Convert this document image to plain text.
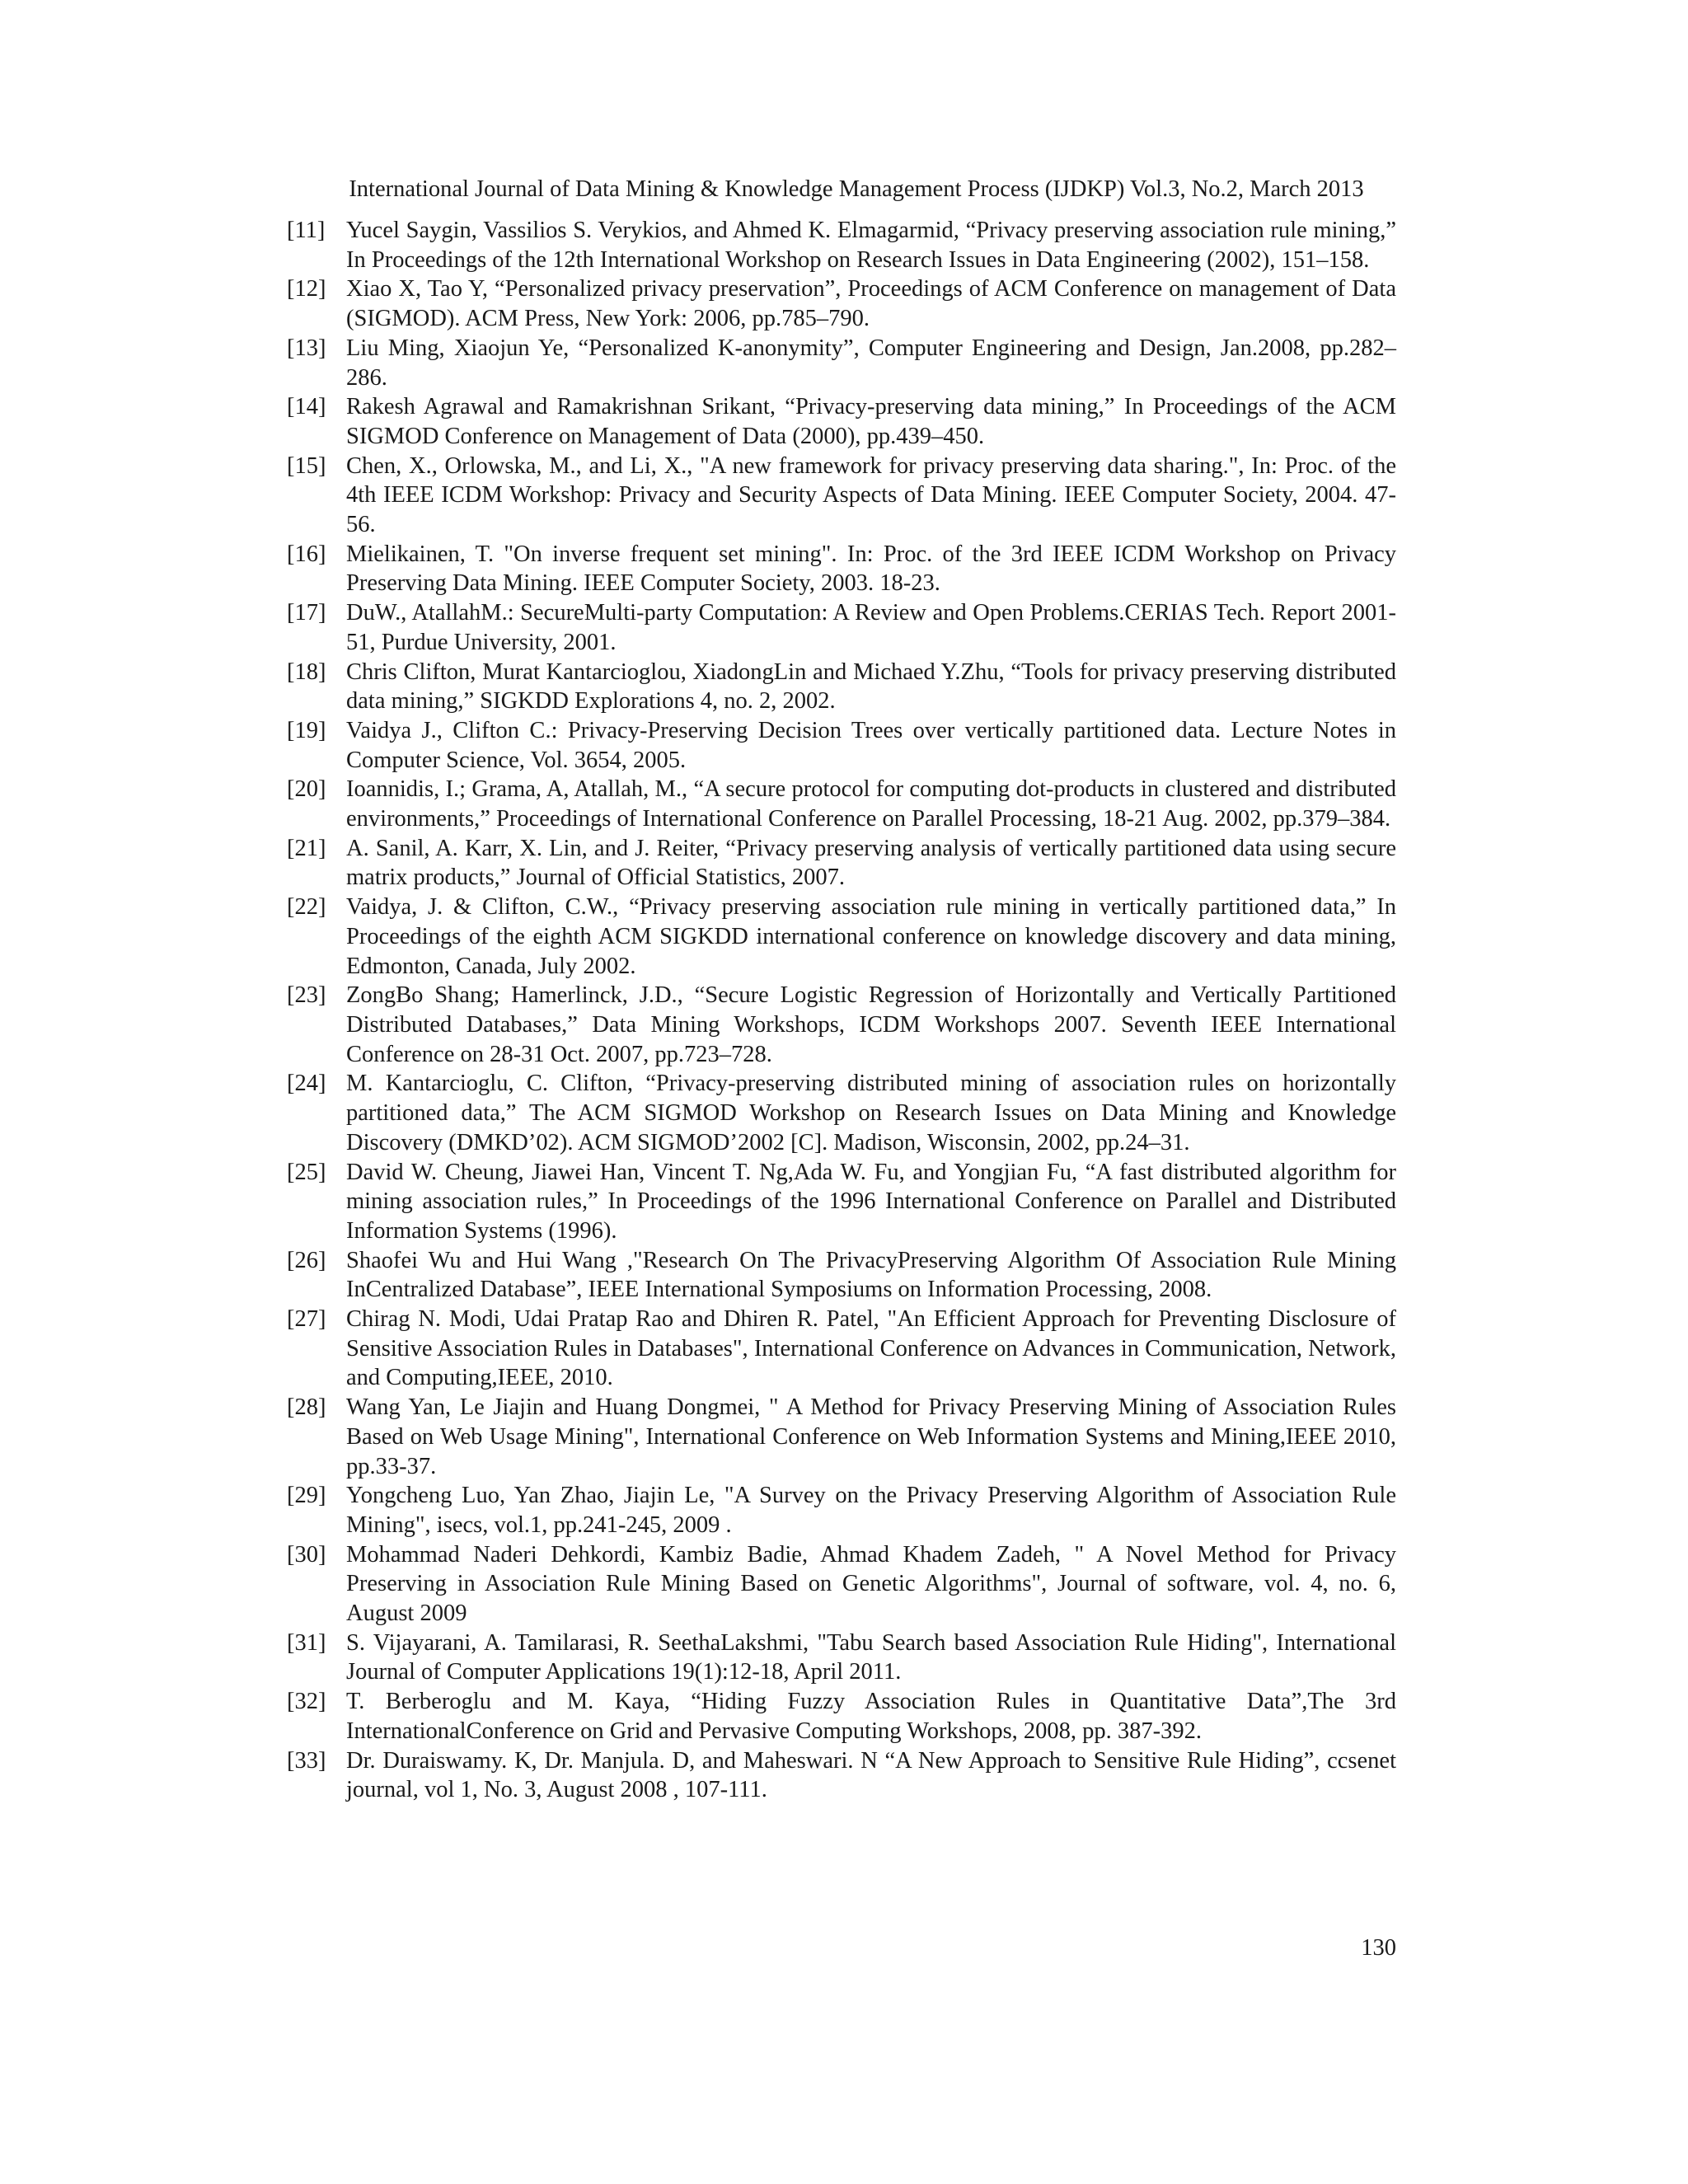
International Journal of Data Mining & Knowledge Management Process (IJDKP) Vol.3, No.2, March 2013
[11] Yucel Saygin, Vassilios S. Verykios, and Ahmed K. Elmagarmid, “Privacy preserving association rule mining,” In Proceedings of the 12th International Workshop on Research Issues in Data Engineering (2002), 151–158.
[12] Xiao X, Tao Y, “Personalized privacy preservation”, Proceedings of ACM Conference on management of Data (SIGMOD). ACM Press, New York: 2006, pp.785–790.
[13] Liu Ming, Xiaojun Ye, “Personalized K-anonymity”, Computer Engineering and Design, Jan.2008, pp.282–286.
[14] Rakesh Agrawal and Ramakrishnan Srikant, “Privacy-preserving data mining,” In Proceedings of the ACM SIGMOD Conference on Management of Data (2000), pp.439–450.
[15] Chen, X., Orlowska, M., and Li, X., "A new framework for privacy preserving data sharing.", In: Proc. of the 4th IEEE ICDM Workshop: Privacy and Security Aspects of Data Mining. IEEE Computer Society, 2004. 47-56.
[16] Mielikainen, T. "On inverse frequent set mining". In: Proc. of the 3rd IEEE ICDM Workshop on Privacy Preserving Data Mining. IEEE Computer Society, 2003. 18-23.
[17] DuW., AtallahM.: SecureMulti-party Computation: A Review and Open Problems.CERIAS Tech. Report 2001-51, Purdue University, 2001.
[18] Chris Clifton, Murat Kantarcioglou, XiadongLin and Michaed Y.Zhu, “Tools for privacy preserving distributed data mining,” SIGKDD Explorations 4, no. 2, 2002.
[19] Vaidya J., Clifton C.: Privacy-Preserving Decision Trees over vertically partitioned data. Lecture Notes in Computer Science, Vol. 3654, 2005.
[20] Ioannidis, I.; Grama, A, Atallah, M., “A secure protocol for computing dot-products in clustered and distributed environments,” Proceedings of International Conference on Parallel Processing, 18-21 Aug. 2002, pp.379–384.
[21] A. Sanil, A. Karr, X. Lin, and J. Reiter, “Privacy preserving analysis of vertically partitioned data using secure matrix products,” Journal of Official Statistics, 2007.
[22] Vaidya, J. & Clifton, C.W., “Privacy preserving association rule mining in vertically partitioned data,” In Proceedings of the eighth ACM SIGKDD international conference on knowledge discovery and data mining, Edmonton, Canada, July 2002.
[23] ZongBo Shang; Hamerlinck, J.D., “Secure Logistic Regression of Horizontally and Vertically Partitioned Distributed Databases,” Data Mining Workshops, ICDM Workshops 2007. Seventh IEEE International Conference on 28-31 Oct. 2007, pp.723–728.
[24] M. Kantarcioglu, C. Clifton, “Privacy-preserving distributed mining of association rules on horizontally partitioned data,” The ACM SIGMOD Workshop on Research Issues on Data Mining and Knowledge Discovery (DMKD’02). ACM SIGMOD’2002 [C]. Madison, Wisconsin, 2002, pp.24–31.
[25] David W. Cheung, Jiawei Han, Vincent T. Ng,Ada W. Fu, and Yongjian Fu, “A fast distributed algorithm for mining association rules,” In Proceedings of the 1996 International Conference on Parallel and Distributed Information Systems (1996).
[26] Shaofei Wu and Hui Wang ,"Research On The PrivacyPreserving Algorithm Of Association Rule Mining InCentralized Database”, IEEE International Symposiums on Information Processing, 2008.
[27] Chirag N. Modi, Udai Pratap Rao and Dhiren R. Patel, "An Efficient Approach for Preventing Disclosure of Sensitive Association Rules in Databases", International Conference on Advances in Communication, Network, and Computing,IEEE, 2010.
[28] Wang Yan, Le Jiajin and Huang Dongmei, " A Method for Privacy Preserving Mining of Association Rules Based on Web Usage Mining", International Conference on Web Information Systems and Mining,IEEE 2010, pp.33-37.
[29] Yongcheng Luo, Yan Zhao, Jiajin Le, "A Survey on the Privacy Preserving Algorithm of Association Rule Mining", isecs, vol.1, pp.241-245, 2009 .
[30] Mohammad Naderi Dehkordi, Kambiz Badie, Ahmad Khadem Zadeh, " A Novel Method for Privacy Preserving in Association Rule Mining Based on Genetic Algorithms", Journal of software, vol. 4, no. 6, August 2009
[31] S. Vijayarani, A. Tamilarasi, R. SeethaLakshmi, "Tabu Search based Association Rule Hiding", International Journal of Computer Applications 19(1):12-18, April 2011.
[32] T. Berberoglu and M. Kaya, “Hiding Fuzzy Association Rules in Quantitative Data”,The 3rd InternationalConference on Grid and Pervasive Computing Workshops, 2008, pp. 387-392.
[33] Dr. Duraiswamy. K, Dr. Manjula. D, and Maheswari. N “A New Approach to Sensitive Rule Hiding”, ccsenet journal, vol 1, No. 3, August 2008 , 107-111.
130
